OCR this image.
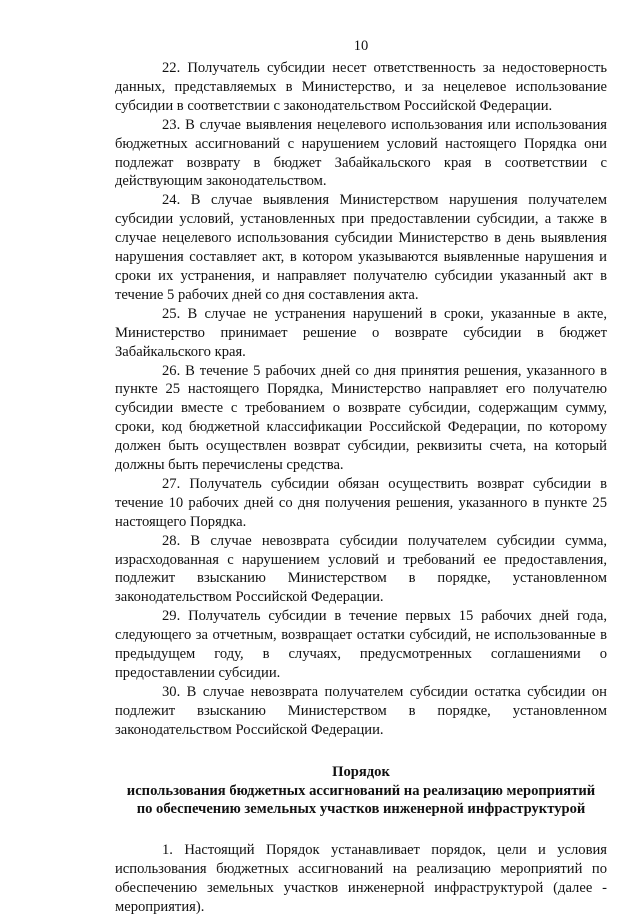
10

22. Получатель субсидии несет ответственность за недостоверность данных, представляемых в Министерство, и за нецелевое использование субсидии в соответствии с законодательством Российской Федерации.

23. В случае выявления нецелевого использования или использования бюджетных ассигнований с нарушением условий настоящего Порядка они подлежат возврату в бюджет Забайкальского края в соответствии с действующим законодательством.

24. В случае выявления Министерством нарушения получателем субсидии условий, установленных при предоставлении субсидии, а также в случае нецелевого использования субсидии Министерство в день выявления нарушения составляет акт, в котором указываются выявленные нарушения и сроки их устранения, и направляет получателю субсидии указанный акт в течение 5 рабочих дней со дня составления акта.

25. В случае не устранения нарушений в сроки, указанные в акте, Министерство принимает решение о возврате субсидии в бюджет Забайкальского края.

26. В течение 5 рабочих дней со дня принятия решения, указанного в пункте 25 настоящего Порядка, Министерство направляет его получателю субсидии вместе с требованием о возврате субсидии, содержащим сумму, сроки, код бюджетной классификации Российской Федерации, по которому должен быть осуществлен возврат субсидии, реквизиты счета, на который должны быть перечислены средства.

27. Получатель субсидии обязан осуществить возврат субсидии в течение 10 рабочих дней со дня получения решения, указанного в пункте 25 настоящего Порядка.

28. В случае невозврата субсидии получателем субсидии сумма, израсходованная с нарушением условий и требований ее предоставления, подлежит взысканию Министерством в порядке, установленном законодательством Российской Федерации.

29. Получатель субсидии в течение первых 15 рабочих дней года, следующего за отчетным, возвращает остатки субсидий, не использованные в предыдущем году, в случаях, предусмотренных соглашениями о предоставлении субсидии.

30. В случае невозврата получателем субсидии остатка субсидии он подлежит взысканию Министерством в порядке, установленном законодательством Российской Федерации.

Порядок
использования бюджетных ассигнований на реализацию мероприятий
по обеспечению земельных участков инженерной инфраструктурой

1. Настоящий Порядок устанавливает порядок, цели и условия использования бюджетных ассигнований на реализацию мероприятий по обеспечению земельных участков инженерной инфраструктурой (далее - мероприятия).
